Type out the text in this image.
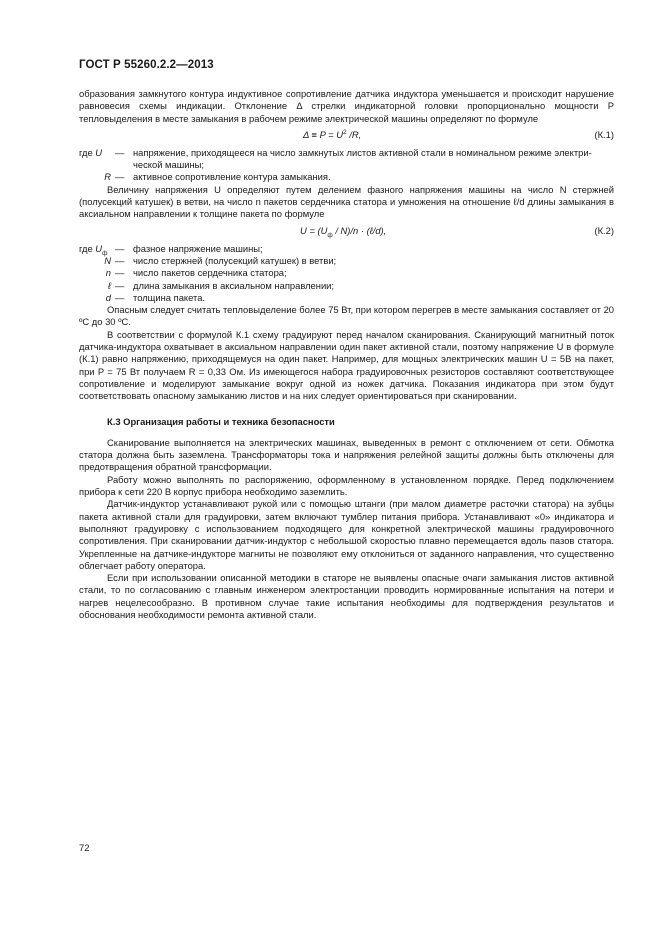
ГОСТ Р 55260.2.2—2013

образования замкнутого контура индуктивное сопротивление датчика индуктора уменьшается и происходит нарушение равновесия схемы индикации. Отклонение Δ стрелки индикаторной головки пропорционально мощности P тепловыделения в месте замыкания в рабочем режиме электрической машины определяют по формуле

$\Delta \equiv P = U^2$ /R,	(К.1)
где U	— напряжение, приходящееся на число замкнутых листов активной стали в номинальном режиме электри-
ческой машины;
R — активное сопротивление контура замыкания.

Величину напряжения U определяют путем делением фазного напряжения машины на число N стержней (полусекций катушек) в ветви, на число n пакетов сердечника статора и умножения на отношение ℓ/d длины замыкания в аксиальном направлении к толщине пакета по формуле

$U = (U_ф / N)/n$ · (ℓ/d),	(К.2)
где $U_ф$ — фазное напряжение машины;
N — число стержней (полусекций катушек) в ветви;
n — число пакетов сердечника статора;
ℓ — длина замыкания в аксиальном направлении;
d — толщина пакета.

Опасным следует считать тепловыделение более 75 Вт, при котором перегрев в месте замыкания составляет от 20 ºС до 30 ºС.

В соответствии с формулой К.1 схему градуируют перед началом сканирования. Сканирующий магнитный поток датчика-индуктора охватывает в аксиальном направлении один пакет активной стали, поэтому напряжение U в формуле (К.1) равно напряжению, приходящемуся на один пакет. Например, для мощных электрических машин U = 5В на пакет, при P = 75 Вт получаем R = 0,33 Ом. Из имеющегося набора градуировочных резисторов составляют соответствующее сопротивление и моделируют замыкание вокруг одной из ножек датчика. Показания индикатора при этом будут соответствовать опасному замыканию листов и на них следует ориентироваться при сканировании.

К.3 Организация работы и техника безопасности

Сканирование выполняется на электрических машинах, выведенных в ремонт с отключением от сети. Обмотка статора должна быть заземлена. Трансформаторы тока и напряжения релейной защиты должны быть отключены для предотвращения обратной трансформации.

Работу можно выполнять по распоряжению, оформленному в установленном порядке. Перед подключением прибора к сети 220 В корпус прибора необходимо заземлить.

Датчик-индуктор устанавливают рукой или с помощью штанги (при малом диаметре расточки статора) на зубцы пакета активной стали для градуировки, затем включают тумблер питания прибора. Устанавливают «0» индикатора и выполняют градуировку с использованием подходящего для конкретной электрической машины градуировочного сопротивления. При сканировании датчик-индуктор с небольшой скоростью плавно перемещается вдоль пазов статора. Укрепленные на датчике-индукторе магниты не позволяют ему отклониться от заданного направления, что существенно облегчает работу оператора.

Если при использовании описанной методики в статоре не выявлены опасные очаги замыкания листов активной стали, то по согласованию с главным инженером электростанции проводить нормированные испытания на потери и нагрев нецелесообразно. В противном случае такие испытания необходимы для подтверждения результатов и обоснования необходимости ремонта активной стали.

72
